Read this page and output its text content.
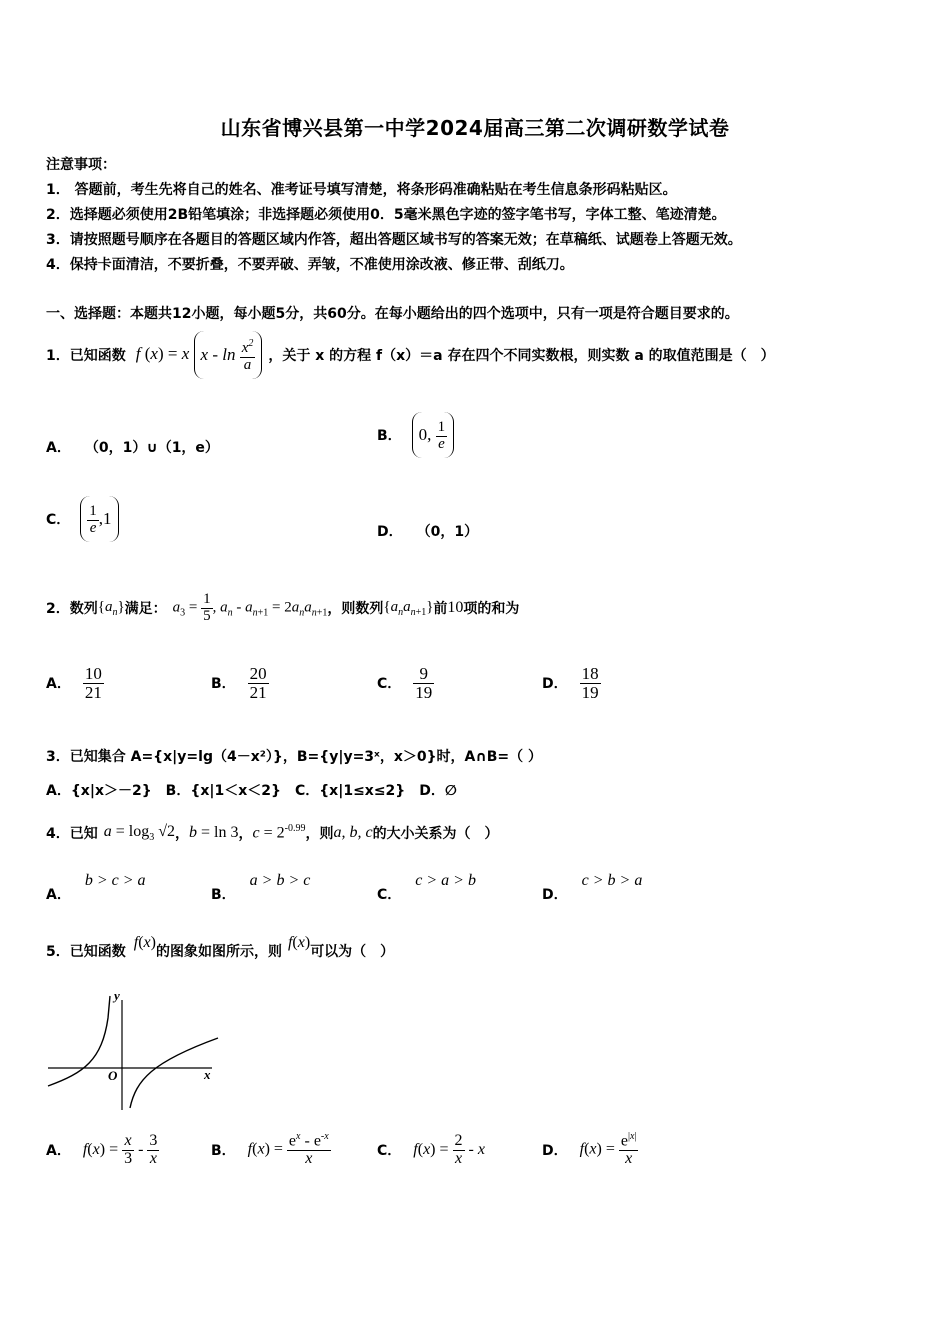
山东省博兴县第一中学2024届高三第二次调研数学试卷
注意事项：
1． 答题前，考生先将自己的姓名、准考证号填写清楚，将条形码准确粘贴在考生信息条形码粘贴区。
2．选择题必须使用2B铅笔填涂；非选择题必须使用0．5毫米黑色字迹的签字笔书写，字体工整、笔迹清楚。
3．请按照题号顺序在各题目的答题区域内作答，超出答题区域书写的答案无效；在草稿纸、试题卷上答题无效。
4．保持卡面清洁，不要折叠，不要弄破、弄皱，不准使用涂改液、修正带、刮纸刀。
一、选择题：本题共12小题，每小题5分，共60分。在每小题给出的四个选项中，只有一项是符合题目要求的。
1．已知函数 f (x) = x x - $\ln \frac{x^2}{a}$ ，关于 x 的方程 f（x）＝a 存在四个不同实数根，则实数 a 的取值范围是（　）
A． （0，1）∪（1，e）
B．	0, $\frac{1}{e}$
C． $\frac{1}{e} ,1$
D． （0，1）
2．数列 $\{a_n\}$ 满足： $a_3 = \frac{1}{5}$ , $a_n - a_{n+1} = 2a_na_{n+1}$ ，则数列 $\{a_na_{n+1}\}$ 前 10 项的和为
A． $\frac{10}{21}$	B． $\frac{20}{21}$	C． $\frac{9}{19}$	D． $\frac{18}{19}$
3．已知集合 A={x|y=lg（4－x²）}，B={y|y=3ˣ，x＞0}时，A∩B=（ ）
A．{x|x＞－2}　B．{x|1＜x＜2}　C．{x|1≤x≤2}　D．∅
4．已知 $a = \log_3 √2$ ， b = ln 3 ， $c = 2^{-0.99}$ ，则 a, b, c 的大小关系为（　）
A． b > c > a
B． a > b > c
C． c > a > b
D． c > b > a
5．已知函数
f(x)
的图象如图所示，则
f(x)
可以为（　）
y
x
O
A． $f(x) = \frac{x}{3} - \frac{3}{x}$	B． $f(x) = \frac{e^x - e^{-x}}{x}$	C． $f(x) = \frac{2}{x} - x$	D． $f(x) = \frac{e^{|x|}}{x}$
